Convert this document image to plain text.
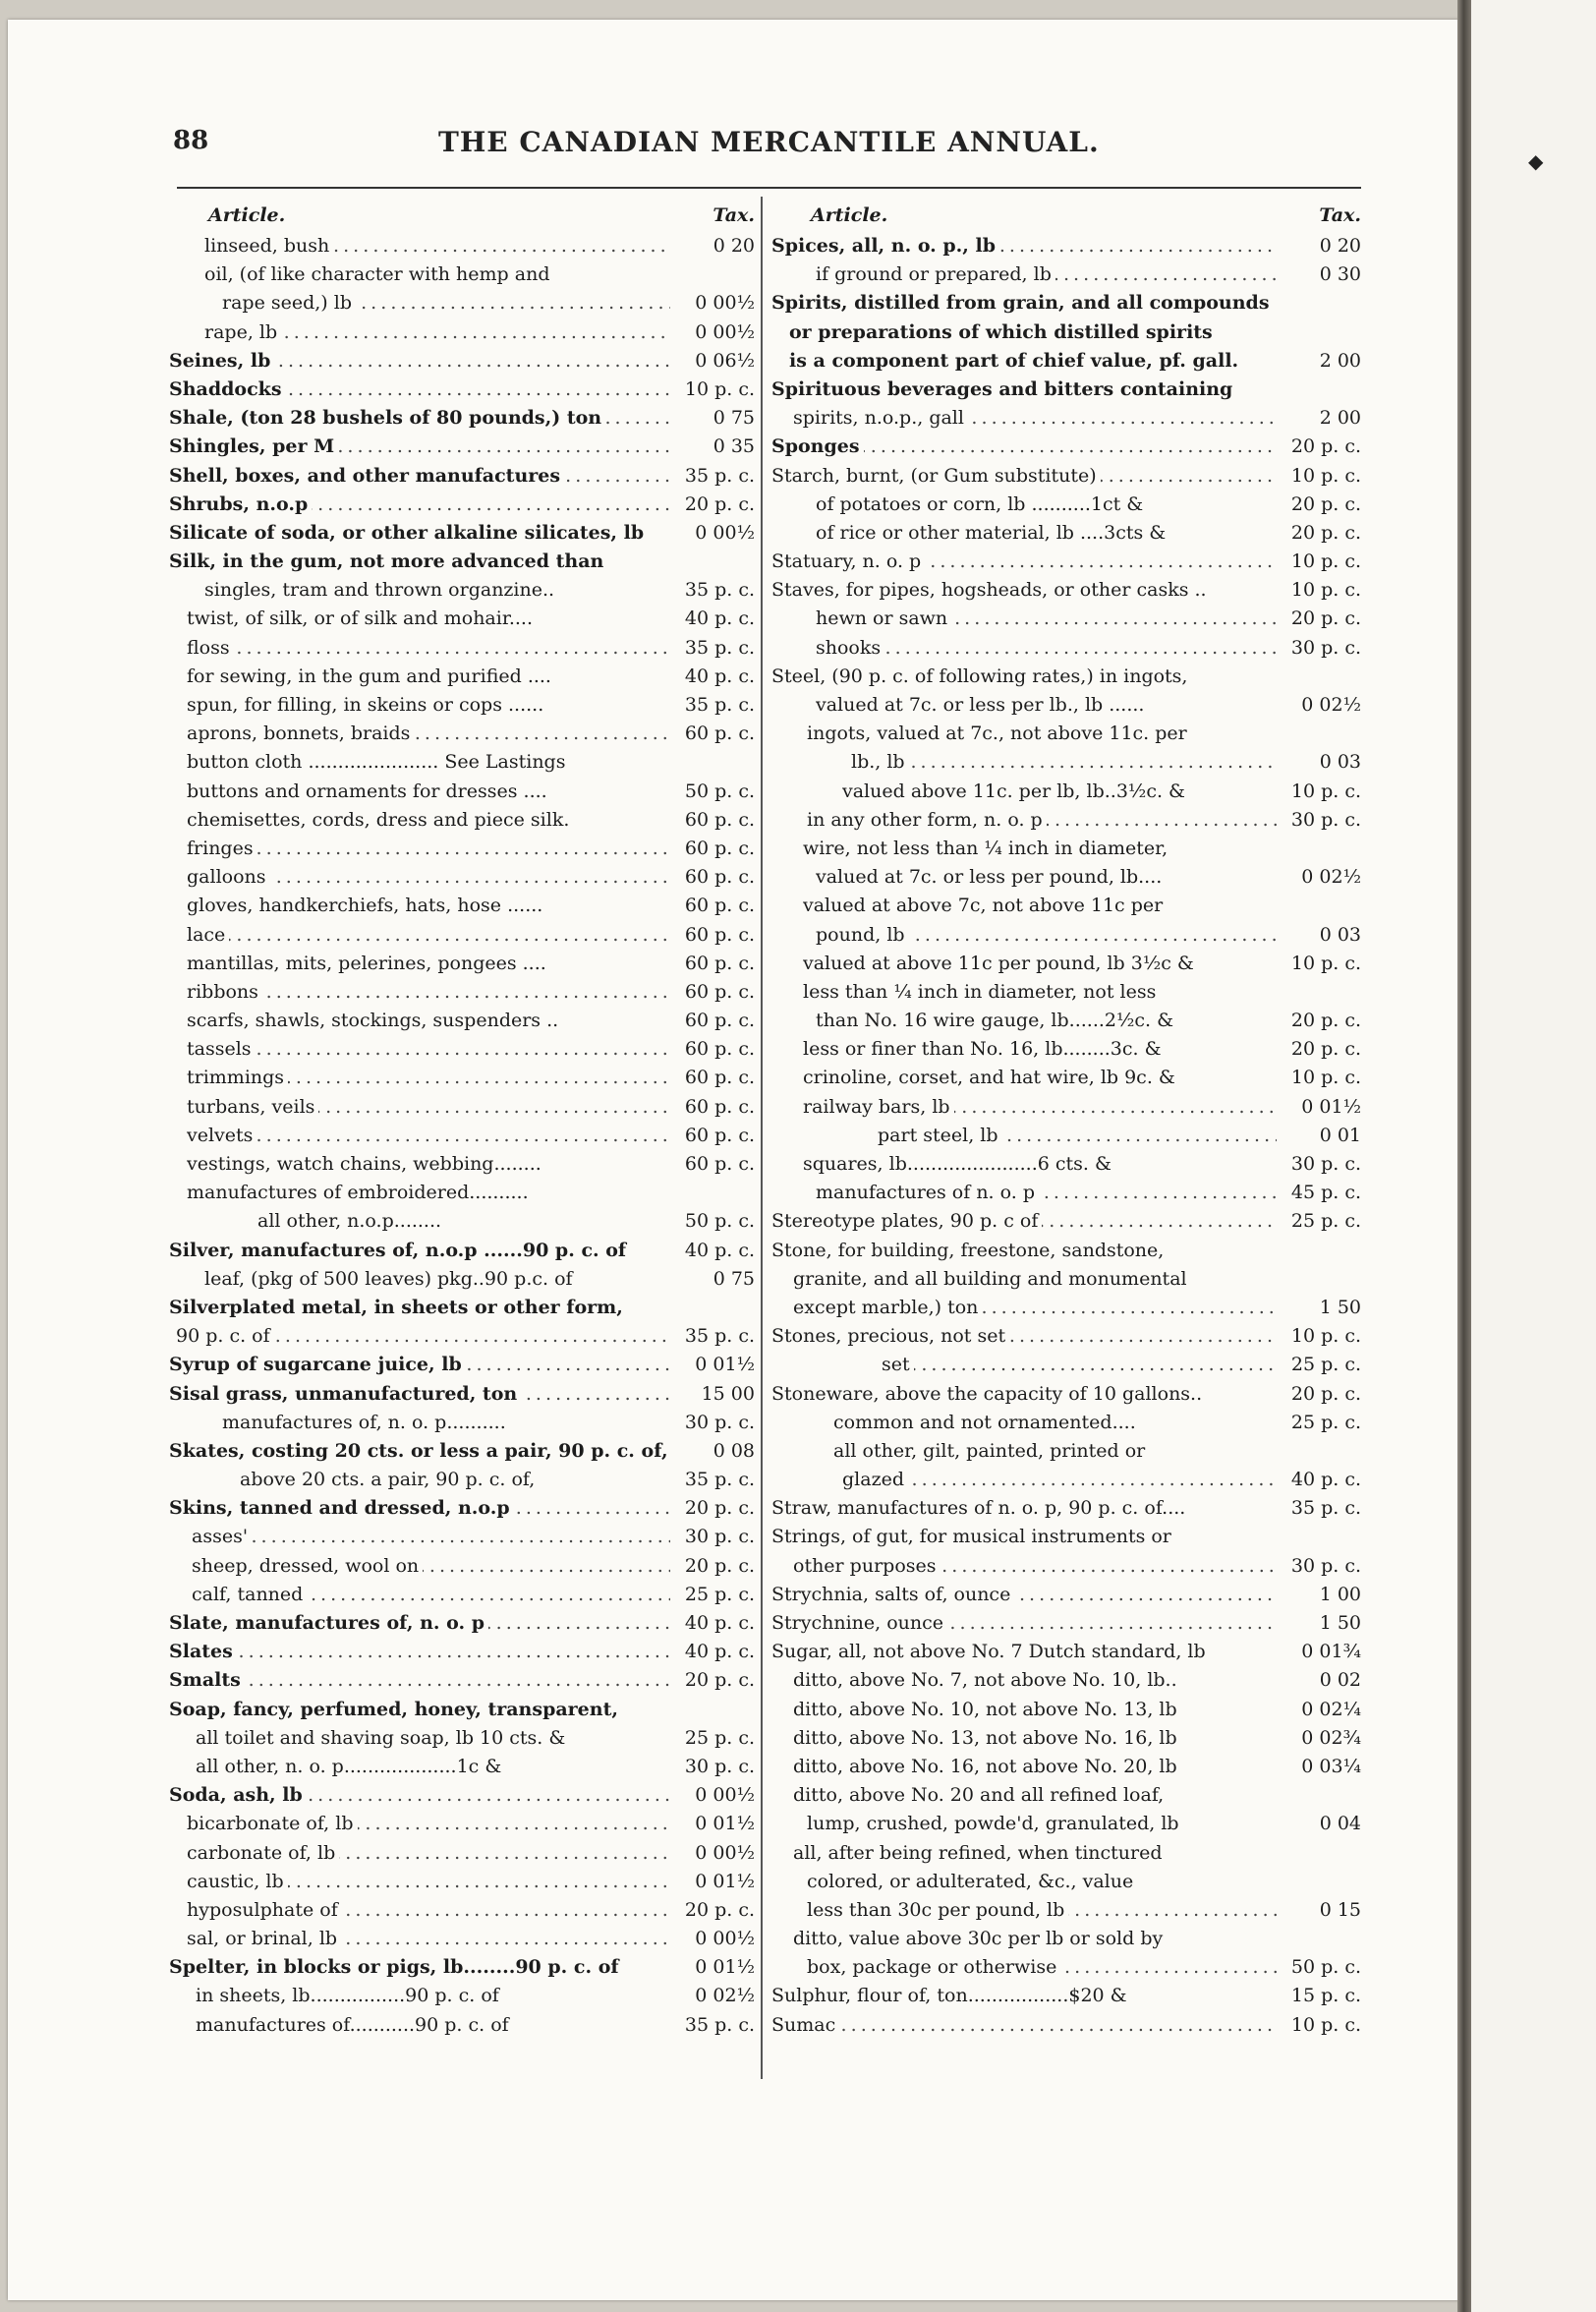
◆
88	THE CANADIAN MERCANTILE ANNUAL.
Article.	Tax.
linseed, bush . . .	0 20
oil, (of like character with hemp and
rape seed,) lb . . .	0 00½
rape, lb . . .	0 00½
Seines, lb . . .	0 06½
Shaddocks . . .	10 p. c.
Shale, (ton 28 bushels of 80 pounds,) ton . . .	0 75
Shingles, per M . . .	0 35
Shell, boxes, and other manufactures . . .	35 p. c.
Shrubs, n.o.p . . .	20 p. c.
Silicate of soda, or other alkaline silicates, lb	0 00½
Silk, in the gum, not more advanced than
singles, tram and thrown organzine..	35 p. c.
twist, of silk, or of silk and mohair....	40 p. c.
floss . . .	35 p. c.
for sewing, in the gum and purified ....	40 p. c.
spun, for filling, in skeins or cops ......	35 p. c.
aprons, bonnets, braids . . .	60 p. c.
button cloth ...................... See Lastings
buttons and ornaments for dresses ....	50 p. c.
chemisettes, cords, dress and piece silk.	60 p. c.
fringes . . .	60 p. c.
galloons . . .	60 p. c.
gloves, handkerchiefs, hats, hose ......	60 p. c.
lace . . .	60 p. c.
mantillas, mits, pelerines, pongees ....	60 p. c.
ribbons . . .	60 p. c.
scarfs, shawls, stockings, suspenders ..	60 p. c.
tassels . . .	60 p. c.
trimmings . . .	60 p. c.
turbans, veils . . .	60 p. c.
velvets . . .	60 p. c.
vestings, watch chains, webbing........	60 p. c.
manufactures of embroidered..........
all other, n.o.p........	50 p. c.
Silver, manufactures of, n.o.p ......90 p. c. of	40 p. c.
leaf, (pkg of 500 leaves) pkg..90 p.c. of	0 75
Silverplated metal, in sheets or other form,
90 p. c. of . . .	35 p. c.
Syrup of sugarcane juice, lb . . .	0 01½
Sisal grass, unmanufactured, ton . . .	15 00
manufactures of, n. o. p..........	30 p. c.
Skates, costing 20 cts. or less a pair, 90 p. c. of, 0 08
above 20 cts. a pair, 90 p. c. of,	35 p. c.
Skins, tanned and dressed, n.o.p . . .	20 p. c.
asses' . . .	30 p. c.
sheep, dressed, wool on . . .	20 p. c.
calf, tanned . . .	25 p. c.
Slate, manufactures of, n. o. p . . .	40 p. c.
Slates . . .	40 p. c.
Smalts . . .	20 p. c.
Soap, fancy, perfumed, honey, transparent,
all toilet and shaving soap, lb 10 cts. &	25 p. c.
all other, n. o. p...................1c &	30 p. c.
Soda, ash, lb . . .	0 00½
bicarbonate of, lb . . .	0 01½
carbonate of, lb . . .	0 00½
caustic, lb . . .	0 01½
hyposulphate of . . .	20 p. c.
sal, or brinal, lb . . .	0 00½
Spelter, in blocks or pigs, lb........90 p. c. of	0 01½
in sheets, lb................90 p. c. of	0 02½
manufactures of...........90 p. c. of	35 p. c.
Article.	Tax.
Spices, all, n. o. p., lb . . .	0 20
if ground or prepared, lb . . .	0 30
Spirits, distilled from grain, and all compounds
or preparations of which distilled spirits
is a component part of chief value, pf. gall.	2 00
Spirituous beverages and bitters containing
spirits, n.o.p., gall . . .	2 00
Sponges . . .	20 p. c.
Starch, burnt, (or Gum substitute) . . .	10 p. c.
of potatoes or corn, lb ..........1ct &	20 p. c.
of rice or other material, lb ....3cts &	20 p. c.
Statuary, n. o. p . . .	10 p. c.
Staves, for pipes, hogsheads, or other casks ..	10 p. c.
hewn or sawn . . .	20 p. c.
shooks . . .	30 p. c.
Steel, (90 p. c. of following rates,) in ingots,
valued at 7c. or less per lb., lb ......	0 02½
ingots, valued at 7c., not above 11c. per
lb., lb . . .	0 03
valued above 11c. per lb, lb..3½c. &	10 p. c.
in any other form, n. o. p . . .	30 p. c.
wire, not less than ¼ inch in diameter,
valued at 7c. or less per pound, lb....	0 02½
valued at above 7c, not above 11c per
pound, lb . . .	0 03
valued at above 11c per pound, lb 3½c &	10 p. c.
less than ¼ inch in diameter, not less
than No. 16 wire gauge, lb......2½c. &	20 p. c.
less or finer than No. 16, lb........3c. &	20 p. c.
crinoline, corset, and hat wire, lb 9c. &	10 p. c.
railway bars, lb . . .	0 01½
part steel, lb . . .	0 01
squares, lb......................6 cts. &	30 p. c.
manufactures of n. o. p . . .	45 p. c.
Stereotype plates, 90 p. c of . . .	25 p. c.
Stone, for building, freestone, sandstone,
granite, and all building and monumental
except marble,) ton . . .	1 50
Stones, precious, not set . . .	10 p. c.
set . . .	25 p. c.
Stoneware, above the capacity of 10 gallons..	20 p. c.
common and not ornamented....	25 p. c.
all other, gilt, painted, printed or
glazed . . .	40 p. c.
Straw, manufactures of n. o. p, 90 p. c. of....	35 p. c.
Strings, of gut, for musical instruments or
other purposes . . .	30 p. c.
Strychnia, salts of, ounce . . .	1 00
Strychnine, ounce . . .	1 50
Sugar, all, not above No. 7 Dutch standard, lb	0 01¾
ditto, above No. 7, not above No. 10, lb..	0 02
ditto, above No. 10, not above No. 13, lb	0 02¼
ditto, above No. 13, not above No. 16, lb	0 02¾
ditto, above No. 16, not above No. 20, lb	0 03¼
ditto, above No. 20 and all refined loaf,
lump, crushed, powde'd, granulated, lb	0 04
all, after being refined, when tinctured
colored, or adulterated, &c., value
less than 30c per pound, lb . . .	0 15
ditto, value above 30c per lb or sold by
box, package or otherwise . . .	50 p. c.
Sulphur, flour of, ton.................$20 &	15 p. c.
Sumac . . .	10 p. c.
